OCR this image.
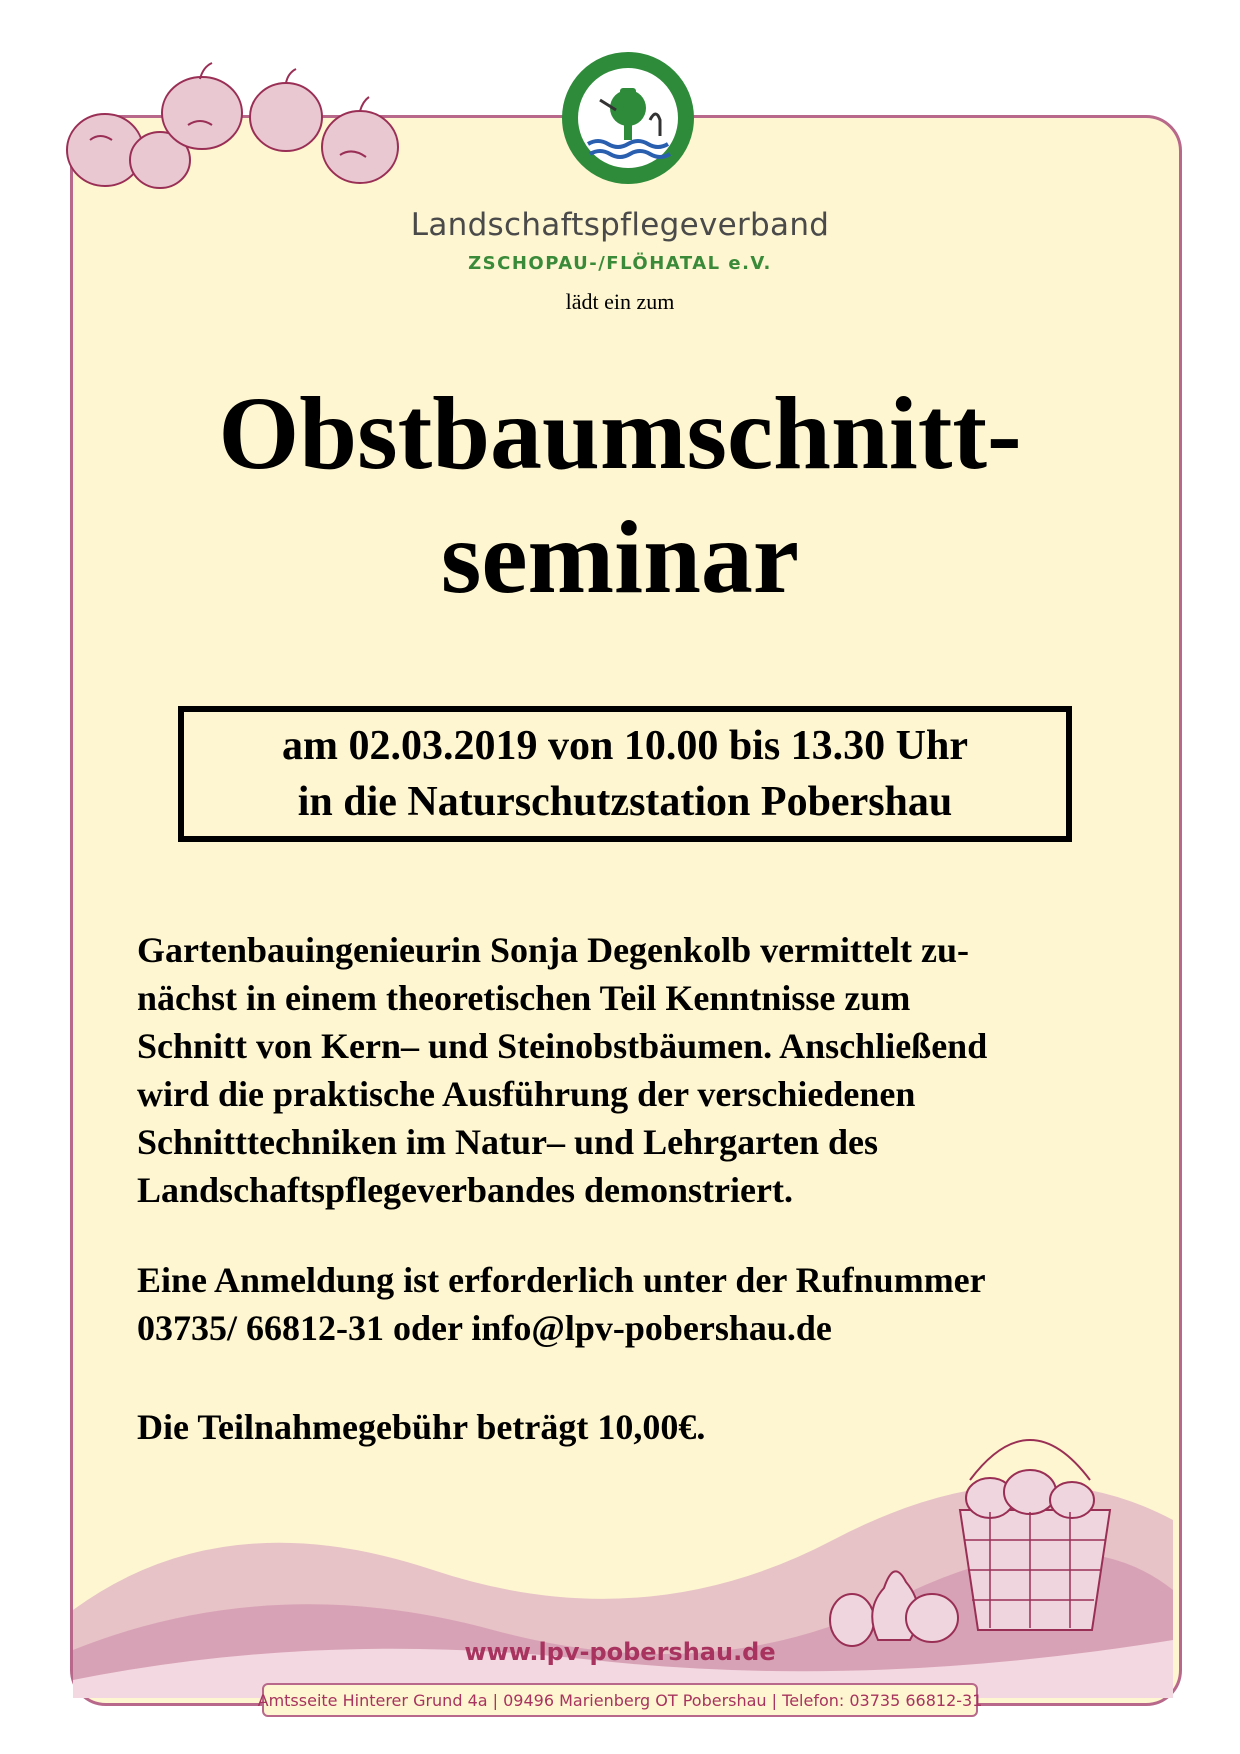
Landschaftspflegeverband
ZSCHOPAU-/FLÖHATAL e.V.
lädt ein zum
Obstbaumschnitt-
seminar
am 02.03.2019 von 10.00 bis 13.30 Uhr
in die Naturschutzstation Pobershau
Gartenbauingenieurin Sonja Degenkolb vermittelt zu-
nächst in einem theoretischen Teil Kenntnisse zum
Schnitt von Kern– und Steinobstbäumen. Anschließend
wird die praktische Ausführung der verschiedenen
Schnitttechniken im Natur– und Lehrgarten des
Landschaftspflegeverbandes demonstriert.
Eine Anmeldung ist erforderlich unter der Rufnummer
03735/ 66812-31 oder info@lpv-pobershau.de
Die Teilnahmegebühr beträgt 10,00€.
www.lpv-pobershau.de
Amtsseite Hinterer Grund 4a | 09496 Marienberg OT Pobershau | Telefon: 03735 66812-31
